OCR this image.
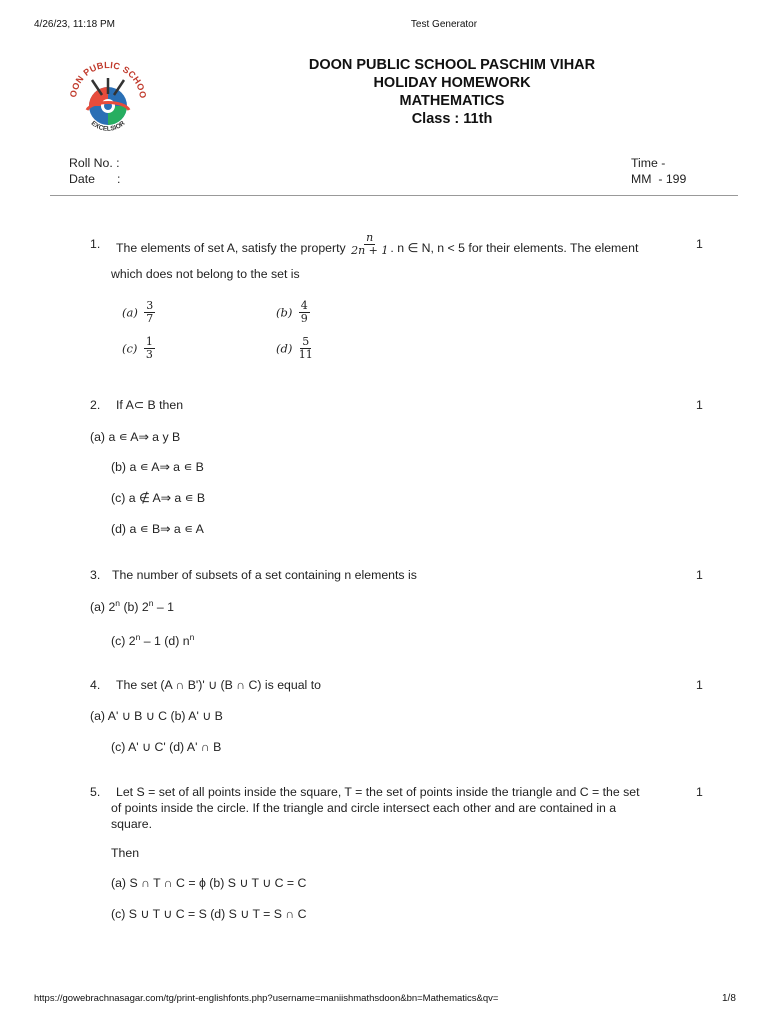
4/26/23, 11:18 PM	Test Generator
OON PUBLIC SCHOO
EXCELSIOR
DOON PUBLIC SCHOOL PASCHIM VIHAR
HOLIDAY HOMEWORK
MATHEMATICS
Class : 11th
Roll No. :
Date :
Time -
MM  - 199
1.	1
The elements of set A, satisfy the property $\frac{n}{2n + 1}$ . n ∈ N, n < 5 for their elements. The element
which does not belong to the set is
$(a) \frac{3}{7}$	$(b) \frac{4}{9}$
$(c) \frac{1}{3}$	$(d) \frac{5}{11}$
2. If A⊂ B then	1
(a) a ∊ A⇒ a y B
(b) a ∊ A⇒ a ∊ B
(c) a ∉ A⇒ a ∊ B
(d) a ∊ B⇒ a ∊ A
3. The number of subsets of a set containing n elements is	1
(a) 2$^n$ (b) 2$^n$ – 1
(c) 2$^n$ – 1 (d) $n^n$
4. The set (A ∩ B')' ∪ (B ∩ C) is equal to	1
(a) A' ∪ B ∪ C (b) A' ∪ B
(c) A' ∪ C' (d) A' ∩ B
5.	1
Let S = set of all points inside the square, T = the set of points inside the triangle and C = the set
of points inside the circle. If the triangle and circle intersect each other and are contained in a
square.
Then
(a) S ∩ T ∩ C = ϕ (b) S ∪ T ∪ C = C
(c) S ∪ T ∪ C = S (d) S ∪ T = S ∩ C
https://gowebrachnasagar.com/tg/print-englishfonts.php?username=maniishmathsdoon&bn=Mathematics&qv=	1/8
